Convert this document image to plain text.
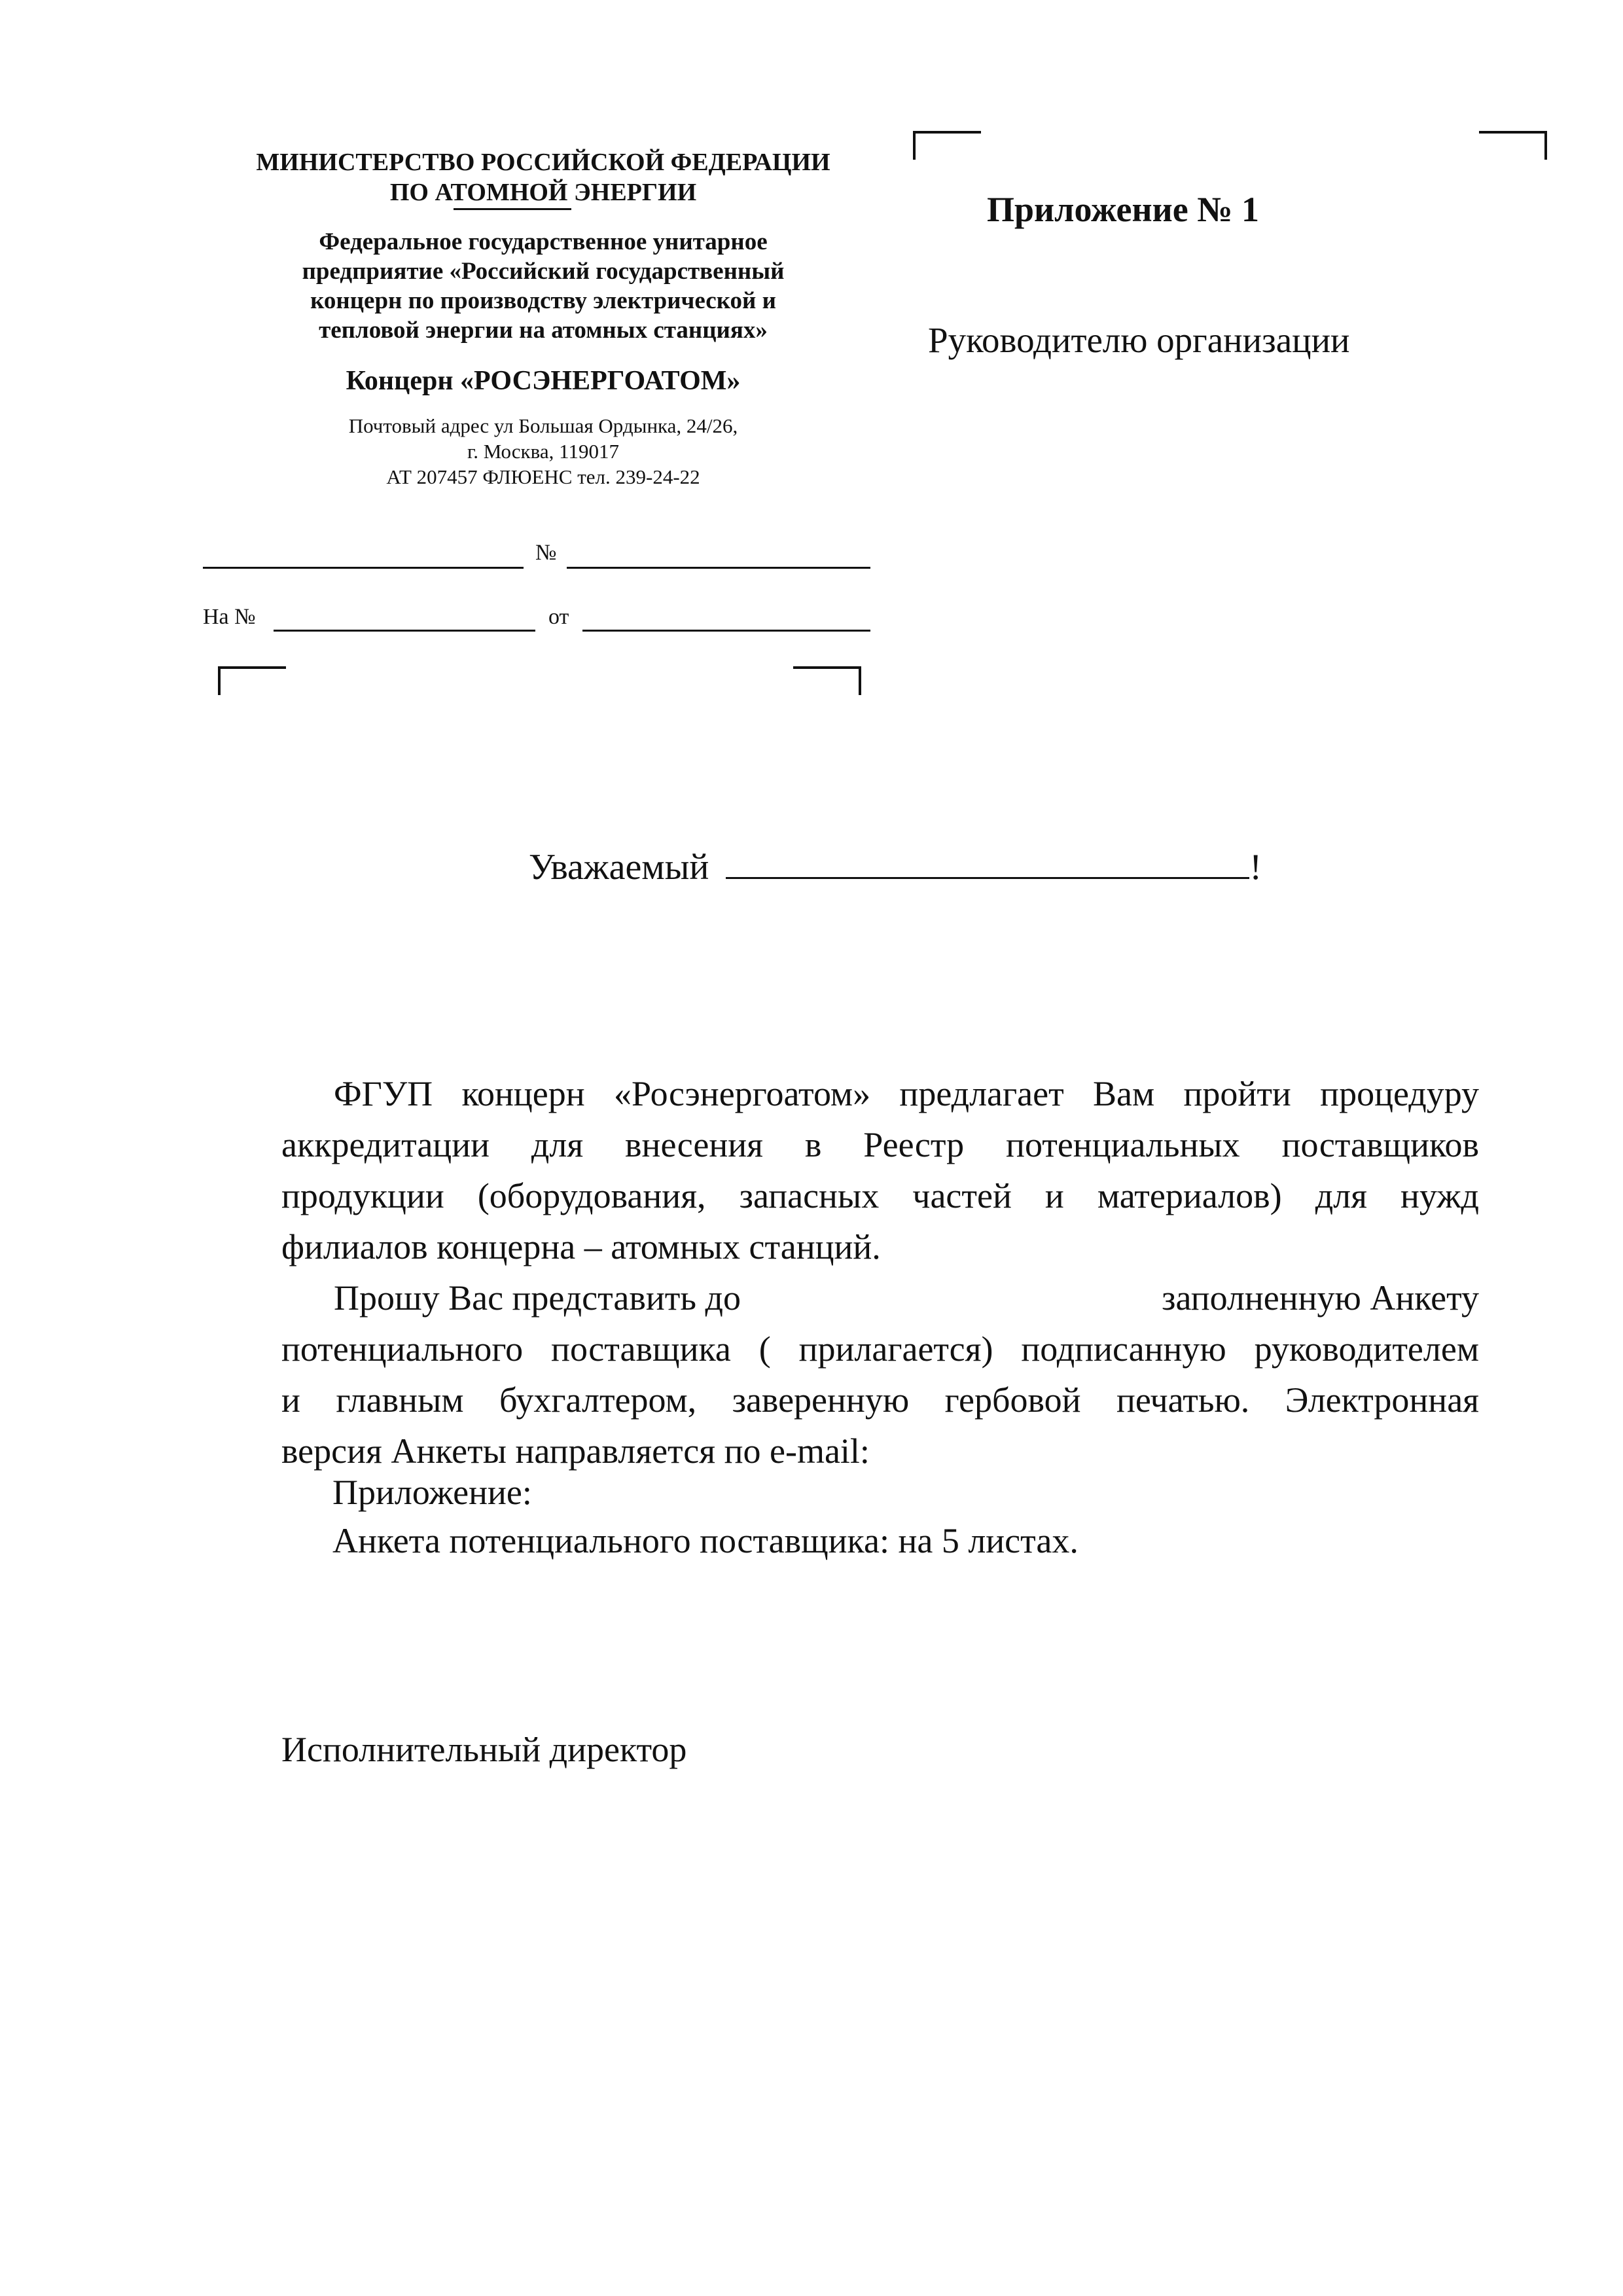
МИНИСТЕРСТВО РОССИЙСКОЙ ФЕДЕРАЦИИ
ПО АТОМНОЙ ЭНЕРГИИ
Федеральное государственное унитарное
предприятие «Российский государственный
концерн по производству электрической и
тепловой энергии на атомных станциях»
Концерн «РОСЭНЕРГОАТОМ»
Почтовый адрес ул Большая Ордынка, 24/26,
г. Москва, 119017
АТ 207457 ФЛЮЕНС тел. 239-24-22
№
На №	от
Приложение № 1
Руководителю организации
Уважаемый	!
ФГУП концерн «Росэнергоатом» предлагает Вам пройти процедуру
аккредитации для внесения в Реестр потенциальных поставщиков
продукции (оборудования, запасных частей и материалов) для нужд
филиалов концерна – атомных станций.
Прошу Вас представить до	заполненную Анкету
потенциального поставщика ( прилагается) подписанную руководителем
и главным бухгалтером, заверенную гербовой печатью. Электронная
версия Анкеты направляется по e-mail:
Приложение:
Анкета потенциального поставщика: на 5 листах.
Исполнительный директор
